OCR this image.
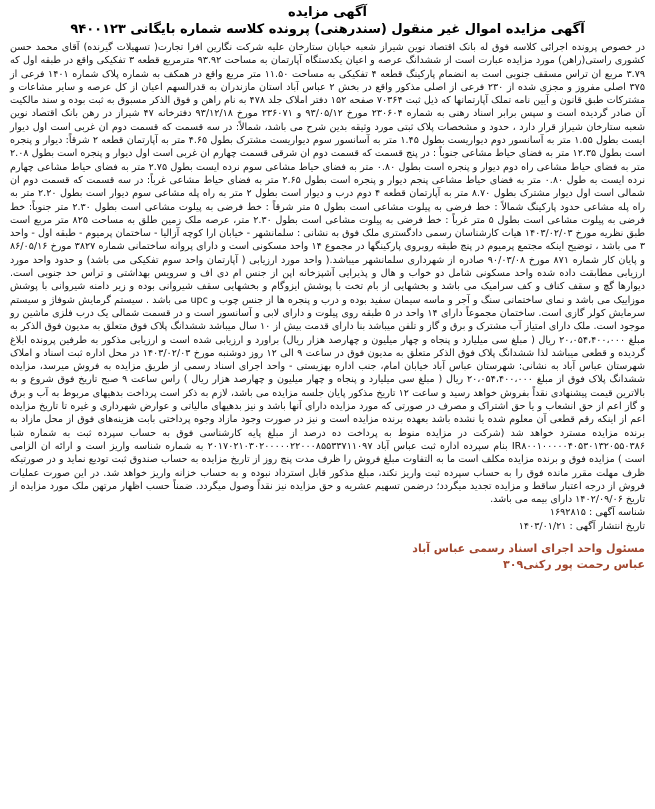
آگهی مزایده
آگهی مزایده اموال غیر منقول (سندرهنی) پرونده کلاسه شماره بایگانی ۹۴۰۰۱۲۳

در خصوص پرونده اجرائی کلاسه فوق له بانک اقتصاد نوین شیراز شعبه خیابان ستارخان علیه شرکت نگارین افرا تجارت( تسهیلات گیرنده) آقای محمد حسن کشوری راستی(راهن) مورد مزایده عبارت است از ششدانگ عرصه و اعیان یکدستگاه آپارتمان به مساحت ۹۳.۹۲ مترمربع قطعه ۳ تفکیکی واقع در طبقه اول که ۳.۷۹ مربع ان تراس مسقف جنوبی است به انضمام پارکینگ قطعه ۴ تفکیکی به مساحت ۱۱.۵۰ متر مربع واقع در همکف به شماره پلاک شماره ۱۴۰۱ فرعی از ۳۷۵ اصلی مفروز و مجزی شده از ۲۳۰ فرعی از اصلی مذکور واقع در بخش ۲ عباس آباد استان مازندران به قدرالسهم اعیان از کل عرصه و سایر مشاعات و مشترکات طبق قانون و آیین نامه تملک آپارتمانها که ذیل ثبت ۷۰۳۶۴ صفحه ۱۵۲ دفتر املاک جلد ۴۷۸ به نام راهن و فوق الذکر مسبوق به ثبت بوده و سند مالکیت آن صادر گردیده است و سپس برابر اسناد رهنی به شماره ۲۳۰۶۰۴ مورخ ۹۳/۰۵/۱۲ و ۲۳۶۰۷۱ مورخ ۹۳/۱۲/۱۸ دفترخانه ۴۷ شیراز در رهن بانک اقتصاد نوین شعبه ستارخان شیراز قرار دارد ، حدود و مشخصات پلاک ثبتی مورد وثیقه بدین شرح می باشد، شمالاً: در سه قسمت که قسمت دوم ان غربی است اول دیوار ایست بطول ۱.۵۵ متر به آسانسور دوم دیواریست بطول ۱.۴۵ متر به آسانسور سوم دیواریست مشترک بطول ۴.۶۵ متر به آپارتمان قطعه ۲ شرقاً: دیوار و پنجره است بطول ۱۲.۳۵ متر به فضای حیاط مشاعی جنوباً : در پنج قسمت که قسمت دوم ان شرقی قسمت چهارم ان غربی است اول دیوار و پنجره است بطول ۲.۰۸ متر به فضای حیاط مشاعی راه دوم دیوار و پنجره است بطول ۰.۸۰ متر به فضای حیاط مشاعی سوم نرده ایست بطول ۲.۷۵ متر به فضای حیاط مشاعی چهارم نرده ایست به طول ۰.۸۰ متر به فضای حیاط مشاعی پنجم دیوار و پنجره است بطول ۲.۶۵ متر به فضای حیاط مشاعی غرباً: در سه قسمت که قسمت دوم ان شمالی است اول دیوار مشترک بطول ۸.۷۰ متر به آپارتمان قطعه ۴ دوم درب و دیوار است بطول ۲ متر به راه پله مشاعی سوم دیوار است بطول ۲.۲۰ متر به راه پله مشاعی حدود پارکینگ شمالاً : خط فرضی به پیلوت مشاعی است بطول ۵ متر شرقاً : خط فرضی به پیلوت مشاعی است بطول ۲.۳۰ متر جنوباً: خط فرضی به پیلوت مشاعی است بطول ۵ متر غرباً : خط فرضی به پیلوت مشاعی است بطول ۲.۳۰ متر، عرصه ملک زمین طلق به مساحت ۸۲۵ متر مربع است طبق نظریه مورخ ۱۴۰۳/۰۲/۰۳ هیات کارشناسان رسمی دادگستری ملک فوق به نشانی : سلمانشهر - خیابان ارا کوچه آزالیا - ساختمان پرمیوم - طبقه اول - واحد ۳ می باشد ، توضیح اینکه مجتمع پرمیوم در پنج طبقه روبروی پارکینگها در مجموع ۱۴ واحد مسکونی است و دارای پروانه ساختمانی شماره ۳۸۲۷ مورخ ۸۶/۰۵/۱۶ و پایان کار شماره ۸۷۱ مورخ ۹۰/۰۳/۰۸ صادره از شهرداری سلمانشهر میباشد.( واحد مورد ارزیابی ( آپارتمان واحد سوم تفکیکی می باشد) و حدود واحد مورد ارزیابی مطابقت داده شده واحد مسکونی شامل دو خواب و هال و پذیرایی آشپزخانه اپن از جنس ام دی اف و سرویس بهداشتی و تراس حد جنوبی است. دیوارها گچ و سقف کناف و کف سرامیک می باشد و بخشهایی از بام تخت با پوشش ایزوگام و بخشهایی سقف شیروانی بوده و زیر دامنه شیروانی با پوشش موزاییک می باشد و نمای ساختمانی سنگ و آجر و ماسه سیمان سفید بوده و درب و پنجره ها از جنس چوب و upc می باشد . سیستم گرمایش شوفاژ و سیستم سرمایش کولر گازی است. ساختمان مجموعاً دارای ۱۴ واحد در ۵ طبقه روی پیلوت و دارای لابی و آسانسور است و در قسمت شمالی یک درب فلزی ماشین رو موجود است. ملک دارای امتیاز آب مشترک و برق و گاز و تلفن میباشد بنا دارای قدمت بیش از ۱۰ سال میباشد ششدانگ پلاک فوق متعلق به مدیون فوق الذکر به مبلغ ۲۰،۰۵۴،۴۰۰،۰۰۰ ریال ( مبلغ سی میلیارد و پنجاه و چهار میلیون و چهارصد هزار ریال) براورد و ارزیابی شده است و ارزیابی مذکور به طرفین پرونده ابلاغ گردیده و قطعی میباشد لذا ششدانگ پلاک فوق الذکر متعلق به مدیون فوق در ساعت ۹ الی ۱۲ روز دوشنبه مورخ ۱۴۰۳/۰۲/۰۳ در محل اداره ثبت اسناد و املاک شهرستان عباس آباد به نشانی: شهرستان عباس آباد خیابان امام، جنب اداره بهزیستی - واحد اجرای اسناد رسمی از طریق مزایده به فروش میرسد، مزایده ششدانگ پلاک فوق از مبلغ ۲۰،۰۵۴،۴۰۰،۰۰۰ ریال ( مبلغ سی میلیارد و پنجاه و چهار میلیون و چهارصد هزار ریال ) راس ساعت ۹ صبح تاریخ فوق شروع و به بالاترین قیمت پیشنهادی نقداً بفروش خواهد رسید و ساعت ۱۲ تاریخ مذکور پایان جلسه مزایده می باشد، لازم به ذکر است پرداخت بدهیهای مربوط به آب و برق و گاز اعم از حق انشعاب و یا حق اشتراک و مصرف در صورتی که مورد مزایده دارای آنها باشد و نیز بدهیهای مالیاتی و عوارض شهرداری و غیره تا تاریخ مزایده اعم از اینکه رقم قطعی آن معلوم شده یا نشده باشد بعهده برنده مزایده است و نیز در صورت وجود مازاد وجوه پرداختی بابت هزینه‌های فوق از محل مازاد به برنده مزایده مسترد خواهد شد (شرکت در مزایده منوط به پرداخت ده درصد از مبلغ پایه کارشناسی فوق به حساب سپرده ثبت به شماره شبا IR۸۰۰۱۰۰۰۰۰۴۰۵۳۰۱۳۲۰۵۵۰۳۸۶ بنام سپرده اداره ثبت عباس آباد ۲۰۱۷۰۲۱۰۳۰۲۰۰۰۰۰۲۲۰۰۰۸۵۵۳۳۷۱۱۰۹۷ به شماره شناسه واریز است و ارائه ان الزامی است ) مزایده فوق و برنده مزایده مکلف است ما به التفاوت مبلغ فروش را ظرف مدت پنج روز از تاریخ مزایده به حساب صندوق ثبت تودیع نماید و در صورتیکه ظرف مهلت مقرر مانده فوق را به حساب سپرده ثبت واریز نکند، مبلغ مذکور قابل استرداد نبوده و به حساب خزانه واریز خواهد شد. در این صورت عملیات فروش از درجه اعتبار ساقط و مزایده تجدید میگردد؛ درضمن تسهیم عشریه و حق مزایده نیز نقداً وصول میگردد. ضمناً حسب اظهار مرتهن ملک مورد مزایده از تاریخ ۱۴۰۲/۰۹/۰۶ دارای بیمه می باشد.

شناسه آگهی : ۱۶۹۲۸۱۵
تاریخ انتشار آگهی : ۱۴۰۳/۰۱/۲۱
مسئول واحد اجرای اسناد رسمی عباس آباد
عباس رحمت پور رکنی۳۰۹
